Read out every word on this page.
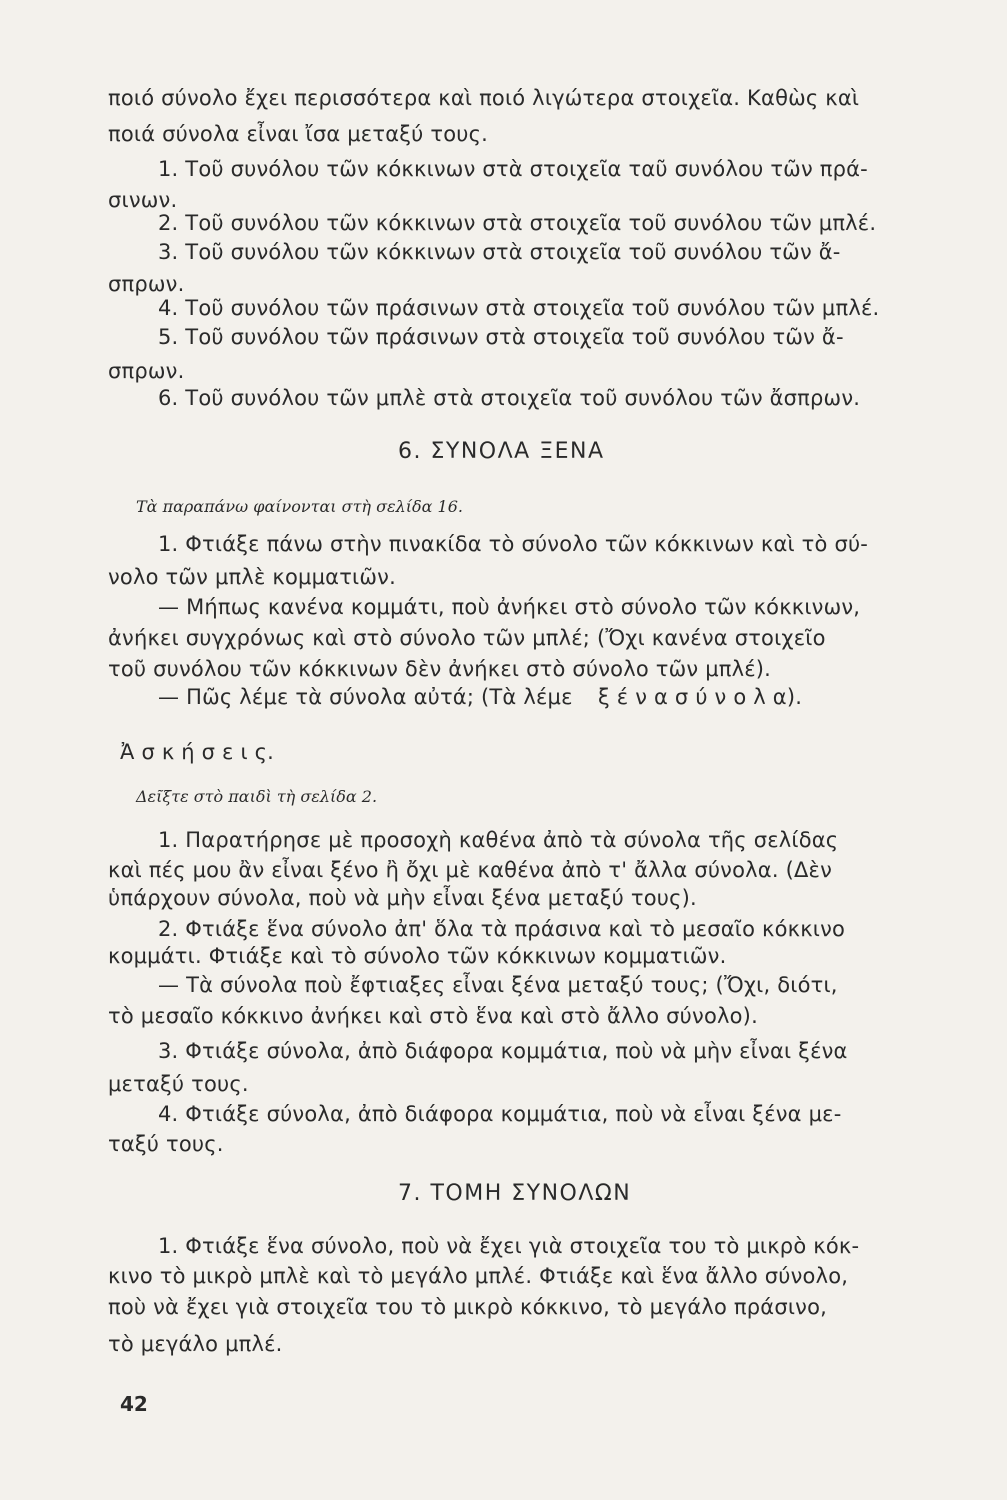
ποιό σύνολο ἔχει περισσότερα καὶ ποιό λιγώτερα στοιχεῖα. Καθὼς καὶ
ποιά σύνολα εἶναι ἴσα μεταξύ τους.
1. Τοῦ συνόλου τῶν κόκκινων στὰ στοιχεῖα ταῦ συνόλου τῶν πρά-
σινων.
2. Τοῦ συνόλου τῶν κόκκινων στὰ στοιχεῖα τοῦ συνόλου τῶν μπλέ.
3. Τοῦ συνόλου τῶν κόκκινων στὰ στοιχεῖα τοῦ συνόλου τῶν ἄ-
σπρων.
4. Τοῦ συνόλου τῶν πράσινων στὰ στοιχεῖα τοῦ συνόλου τῶν μπλέ.
5. Τοῦ συνόλου τῶν πράσινων στὰ στοιχεῖα τοῦ συνόλου τῶν ἄ-
σπρων.
6. Τοῦ συνόλου τῶν μπλὲ στὰ στοιχεῖα τοῦ συνόλου τῶν ἄσπρων.
6. ΣΥΝΟΛΑ ΞΕΝΑ
Τὰ παραπάνω φαίνονται στὴ σελίδα 16.
1. Φτιάξε πάνω στὴν πινακίδα τὸ σύνολο τῶν κόκκινων καὶ τὸ σύ-
νολο τῶν μπλὲ κομματιῶν.
— Μήπως κανένα κομμάτι, ποὺ ἀνήκει στὸ σύνολο τῶν κόκκινων,
ἀνήκει συγχρόνως καὶ στὸ σύνολο τῶν μπλέ; (Ὄχι κανένα στοιχεῖο
τοῦ συνόλου τῶν κόκκινων δὲν ἀνήκει στὸ σύνολο τῶν μπλέ).
— Πῶς λέμε τὰ σύνολα αὐτά; (Τὰ λέμε ξ έ ν α σ ύ ν ο λ α).
Ἀ σ κ ή σ ε ι ς.
Δεῖξτε στὸ παιδὶ τὴ σελίδα 2.
1. Παρατήρησε μὲ προσοχὴ καθένα ἀπὸ τὰ σύνολα τῆς σελίδας
καὶ πές μου ἂν εἶναι ξένο ἢ ὄχι μὲ καθένα ἀπὸ τ' ἄλλα σύνολα. (Δὲν
ὑπάρχουν σύνολα, ποὺ νὰ μὴν εἶναι ξένα μεταξύ τους).
2. Φτιάξε ἕνα σύνολο ἀπ' ὅλα τὰ πράσινα καὶ τὸ μεσαῖο κόκκινο
κομμάτι. Φτιάξε καὶ τὸ σύνολο τῶν κόκκινων κομματιῶν.
— Τὰ σύνολα ποὺ ἔφτιαξες εἶναι ξένα μεταξύ τους; (Ὄχι, διότι,
τὸ μεσαῖο κόκκινο ἀνήκει καὶ στὸ ἕνα καὶ στὸ ἄλλο σύνολο).
3. Φτιάξε σύνολα, ἀπὸ διάφορα κομμάτια, ποὺ νὰ μὴν εἶναι ξένα
μεταξύ τους.
4. Φτιάξε σύνολα, ἀπὸ διάφορα κομμάτια, ποὺ νὰ εἶναι ξένα με-
ταξύ τους.
7. ΤΟΜΗ ΣΥΝΟΛΩΝ
1. Φτιάξε ἕνα σύνολο, ποὺ νὰ ἔχει γιὰ στοιχεῖα του τὸ μικρὸ κόκ-
κινο τὸ μικρὸ μπλὲ καὶ τὸ μεγάλο μπλέ. Φτιάξε καὶ ἕνα ἄλλο σύνολο,
ποὺ νὰ ἔχει γιὰ στοιχεῖα του τὸ μικρὸ κόκκινο, τὸ μεγάλο πράσινο,
τὸ μεγάλο μπλέ.
42
